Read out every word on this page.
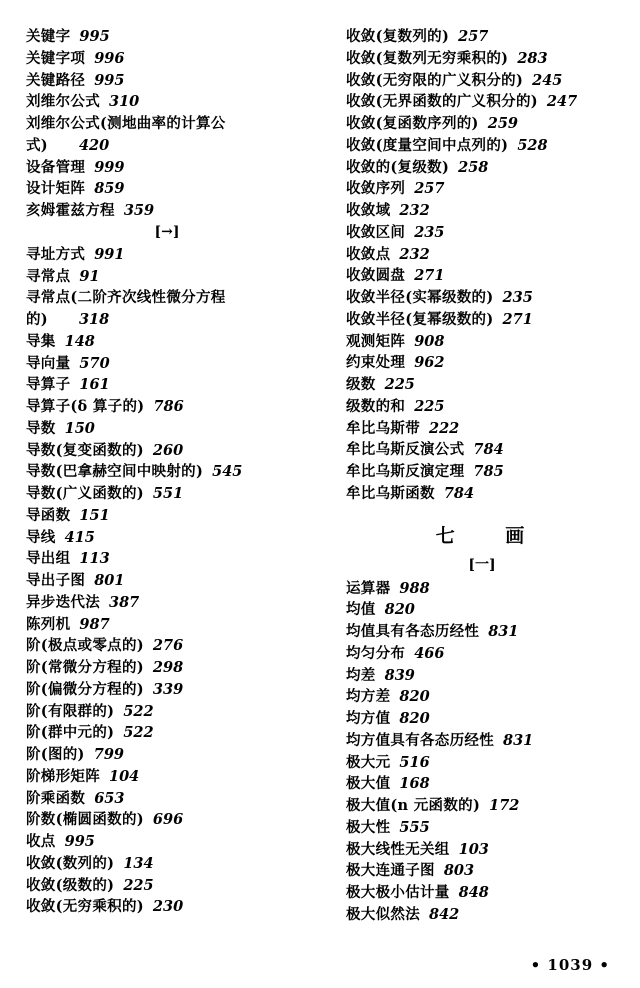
关键字 995
关键字项 996
关键路径 995
刘维尔公式 310
刘维尔公式(测地曲率的计算公式) 420
设备管理 999
设计矩阵 859
亥姆霍兹方程 359
[→]
寻址方式 991
寻常点 91
寻常点(二阶齐次线性微分方程的) 318
导集 148
导向量 570
导算子 161
导算子(δ 算子的) 786
导数 150
导数(复变函数的) 260
导数(巴拿赫空间中映射的) 545
导数(广义函数的) 551
导函数 151
导线 415
导出组 113
导出子图 801
异步迭代法 387
陈列机 987
阶(极点或零点的) 276
阶(常微分方程的) 298
阶(偏微分方程的) 339
阶(有限群的) 522
阶(群中元的) 522
阶(图的) 799
阶梯形矩阵 104
阶乘函数 653
阶数(椭圆函数的) 696
收点 995
收敛(数列的) 134
收敛(级数的) 225
收敛(无穷乘积的) 230
收敛(复数列的) 257
收敛(复数列无穷乘积的) 283
收敛(无穷限的广义积分的) 245
收敛(无界函数的广义积分的) 247
收敛(复函数序列的) 259
收敛(度量空间中点列的) 528
收敛的(复级数) 258
收敛序列 257
收敛域 232
收敛区间 235
收敛点 232
收敛圆盘 271
收敛半径(实幂级数的) 235
收敛半径(复幂级数的) 271
观测矩阵 908
约束处理 962
级数 225
级数的和 225
牟比乌斯带 222
牟比乌斯反演公式 784
牟比乌斯反演定理 785
牟比乌斯函数 784
七 画
[一]
运算器 988
均值 820
均值具有各态历经性 831
均匀分布 466
均差 839
均方差 820
均方值 820
均方值具有各态历经性 831
极大元 516
极大值 168
极大值(n 元函数的) 172
极大性 555
极大线性无关组 103
极大连通子图 803
极大极小估计量 848
极大似然法 842
• 1039 •
